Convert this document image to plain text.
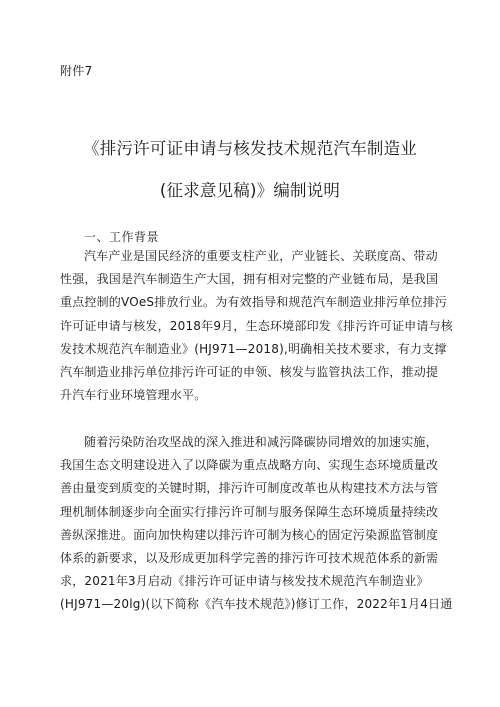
附件7
《排污许可证申请与核发技术规范汽车制造业
(征求意见稿)》编制说明
一、工作背景
汽车产业是国民经济的重要支柱产业，产业链长、关联度高、带动
性强，我国是汽车制造生产大国，拥有相对完整的产业链布局，是我国
重点控制的VOeS排放行业。为有效指导和规范汽车制造业排污单位排污
许可证申请与核发，2018年9月，生态环境部印发《排污许可证申请与核
发技术规范汽车制造业》(HJ971—2018),明确相关技术要求，有力支撑
汽车制造业排污单位排污许可证的申领、核发与监管执法工作，推动提
升汽车行业环境管理水平。
随着污染防治攻坚战的深入推进和减污降碳协同增效的加速实施，
我国生态文明建设进入了以降碳为重点战略方向、实现生态环境质量改
善由量变到质变的关键时期，排污许可制度改革也从构建技术方法与管
理机制体制逐步向全面实行排污许可制与服务保障生态环境质量持续改
善纵深推进。面向加快构建以排污许可制为核心的固定污染源监管制度
体系的新要求，以及形成更加科学完善的排污许可技术规范体系的新需
求，2021年3月启动《排污许可证申请与核发技术规范汽车制造业》
(HJ971—20lg)(以下简称《汽车技术规范》)修订工作，2022年1月4日通
